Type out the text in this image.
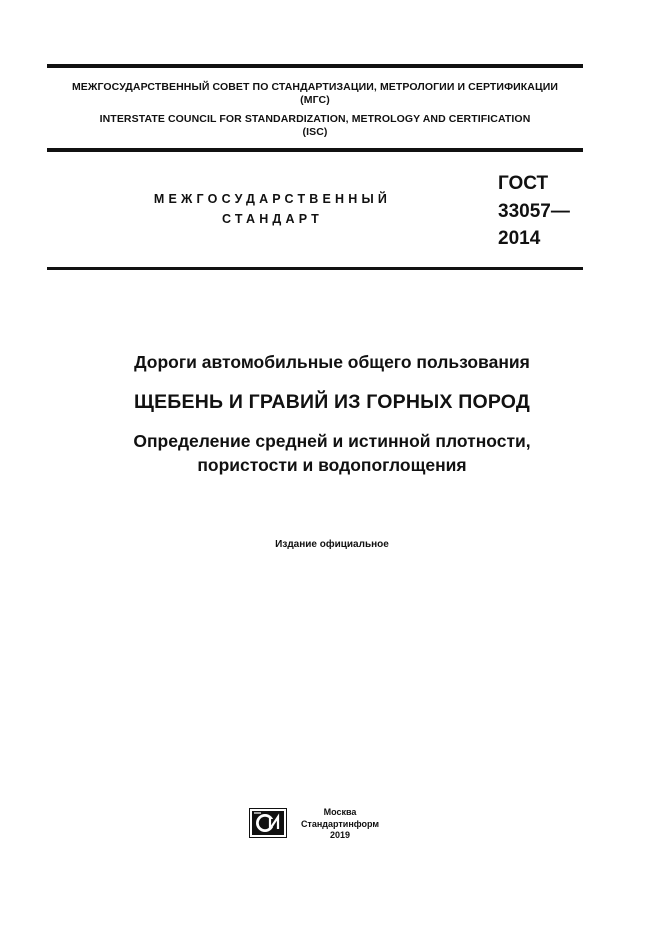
МЕЖГОСУДАРСТВЕННЫЙ СОВЕТ ПО СТАНДАРТИЗАЦИИ, МЕТРОЛОГИИ И СЕРТИФИКАЦИИ
(МГС)
INTERSTATE COUNCIL FOR STANDARDIZATION, METROLOGY AND CERTIFICATION
(ISC)
МЕЖГОСУДАРСТВЕННЫЙ
СТАНДАРТ
ГОСТ
33057—
2014
Дороги автомобильные общего пользования
ЩЕБЕНЬ И ГРАВИЙ ИЗ ГОРНЫХ ПОРОД
Определение средней и истинной плотности,
пористости и водопоглощения
Издание официальное
Москва
Стандартинформ
2019
